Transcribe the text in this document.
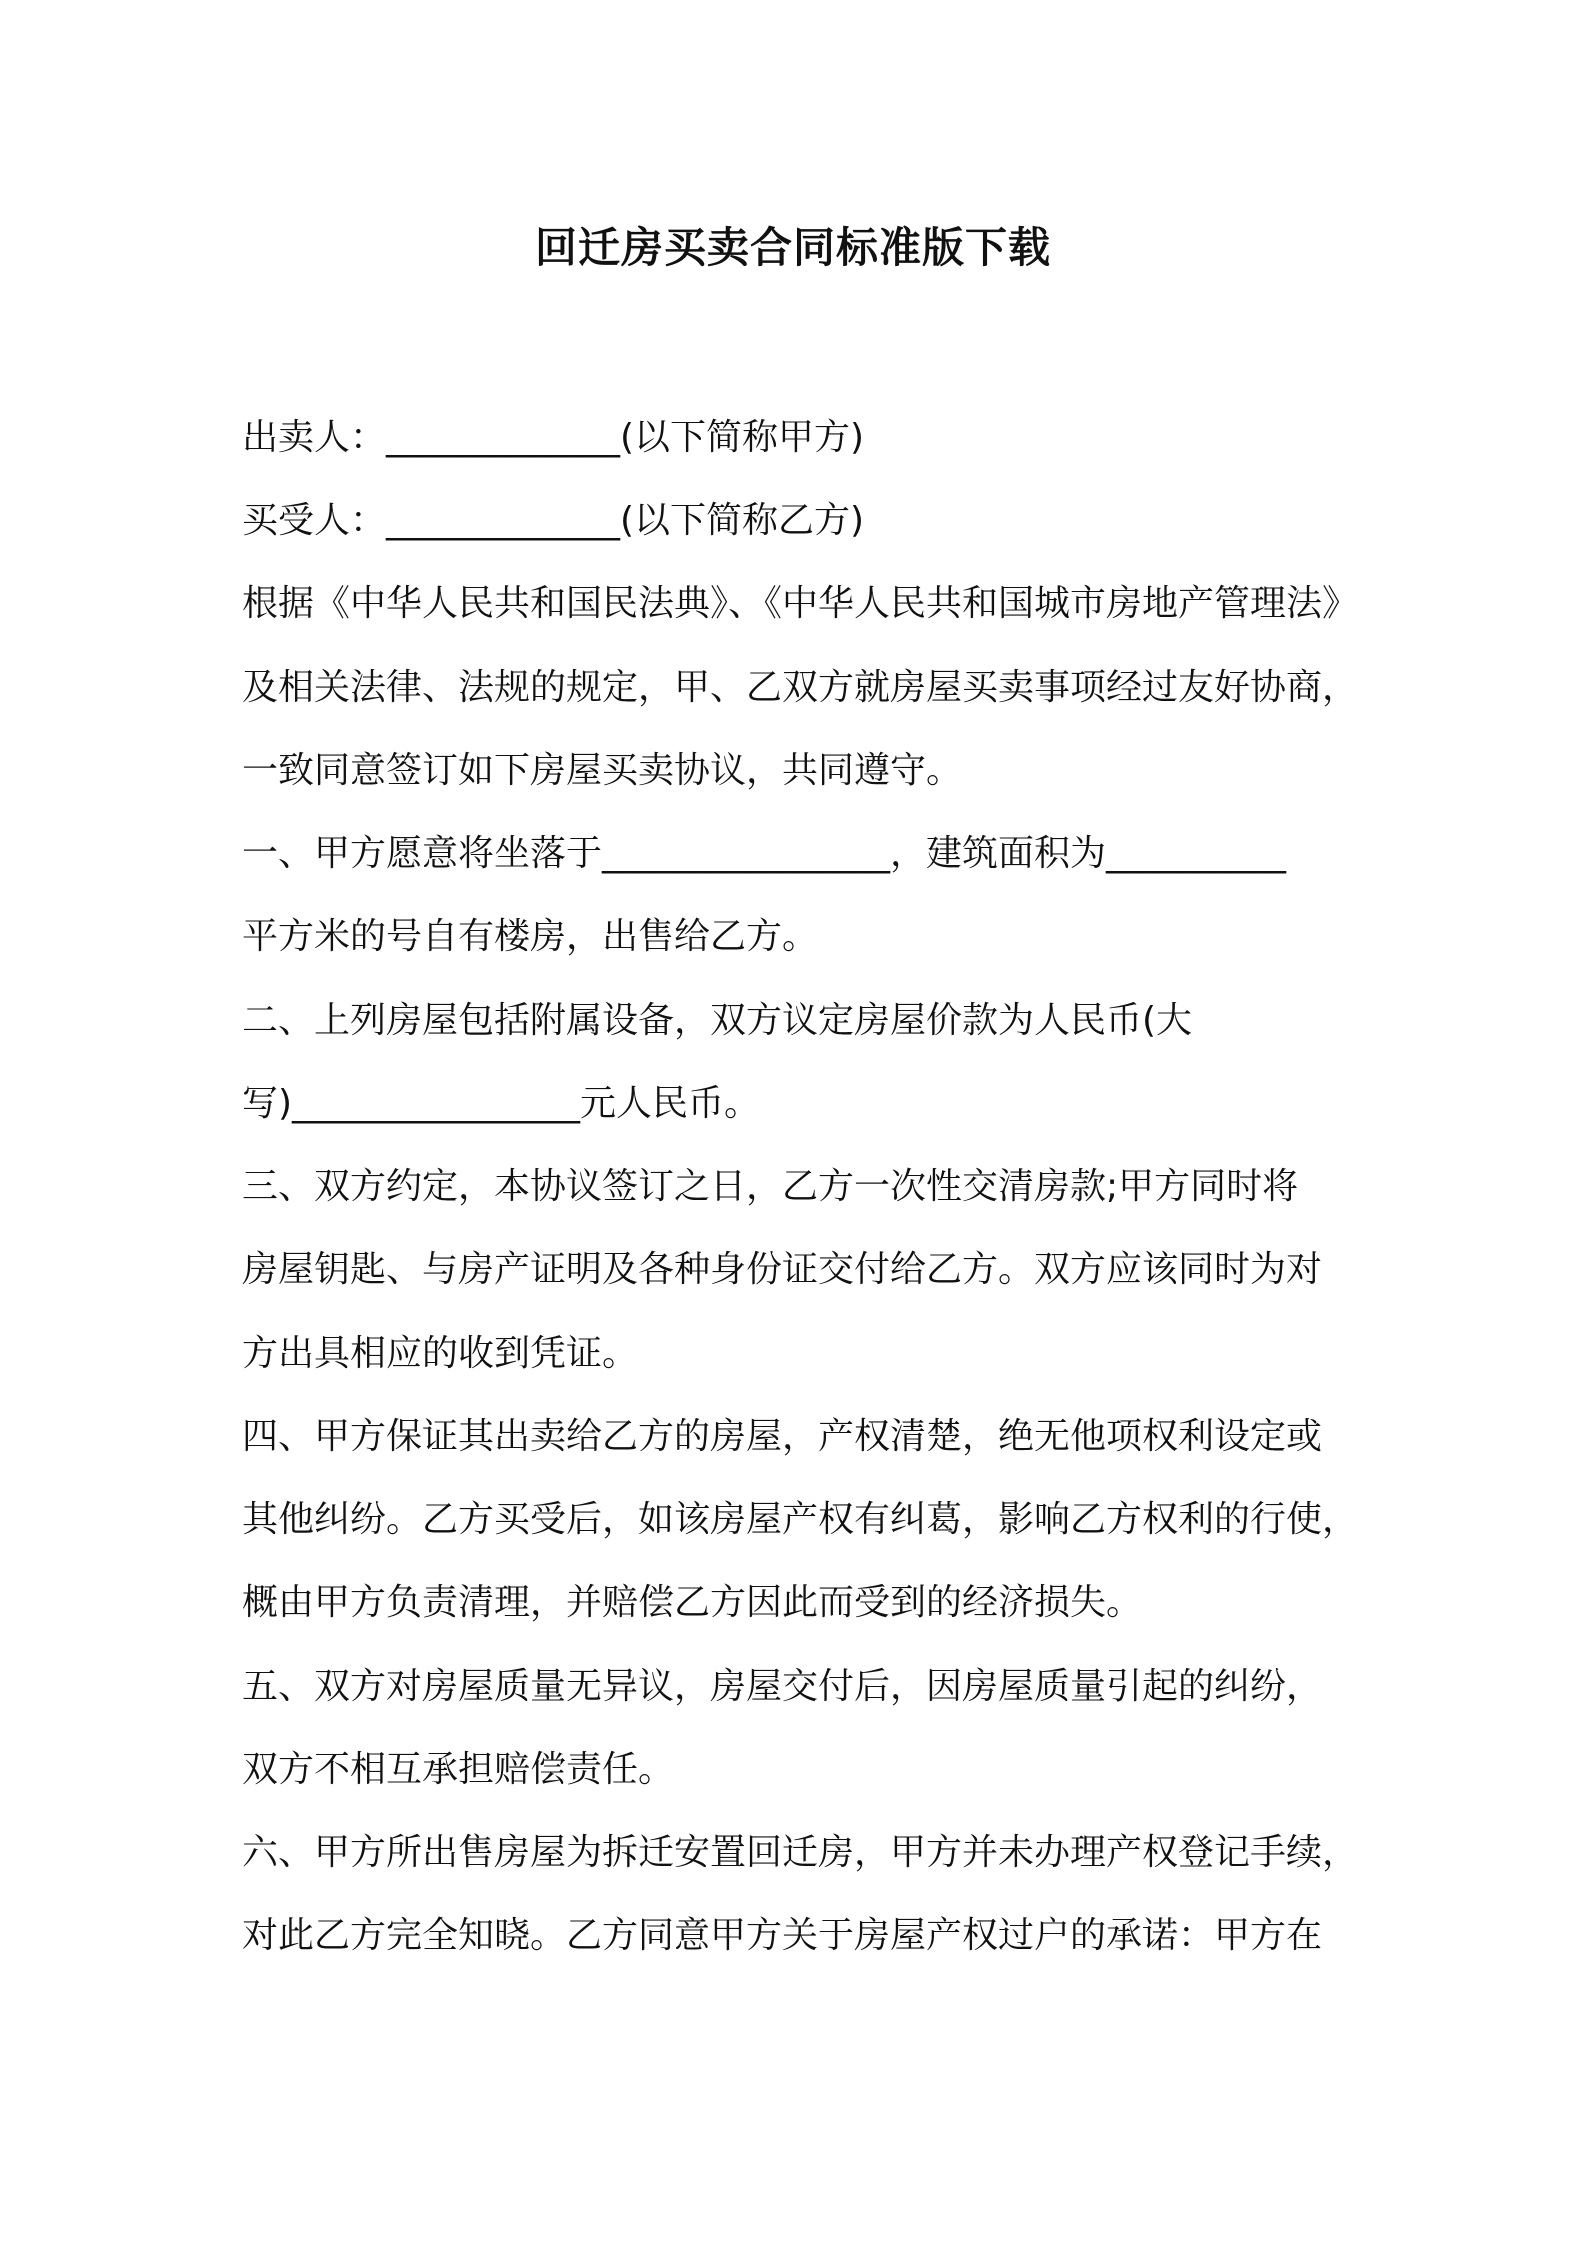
回迁房买卖合同标准版下载

出卖人：_____________(以下简称甲方)

买受人：_____________(以下简称乙方)

根据《中华人民共和国民法典》、《中华人民共和国城市房地产管理法》

及相关法律、法规的规定，甲、乙双方就房屋买卖事项经过友好协商，

一致同意签订如下房屋买卖协议，共同遵守。

一、甲方愿意将坐落于________________，建筑面积为__________

平方米的号自有楼房，出售给乙方。

二、上列房屋包括附属设备，双方议定房屋价款为人民币(大

写)________________元人民币。

三、双方约定，本协议签订之日，乙方一次性交清房款;甲方同时将

房屋钥匙、与房产证明及各种身份证交付给乙方。双方应该同时为对

方出具相应的收到凭证。

四、甲方保证其出卖给乙方的房屋，产权清楚，绝无他项权利设定或

其他纠纷。乙方买受后，如该房屋产权有纠葛，影响乙方权利的行使，

概由甲方负责清理，并赔偿乙方因此而受到的经济损失。

五、双方对房屋质量无异议，房屋交付后，因房屋质量引起的纠纷，

双方不相互承担赔偿责任。

六、甲方所出售房屋为拆迁安置回迁房，甲方并未办理产权登记手续，

对此乙方完全知晓。乙方同意甲方关于房屋产权过户的承诺：甲方在
